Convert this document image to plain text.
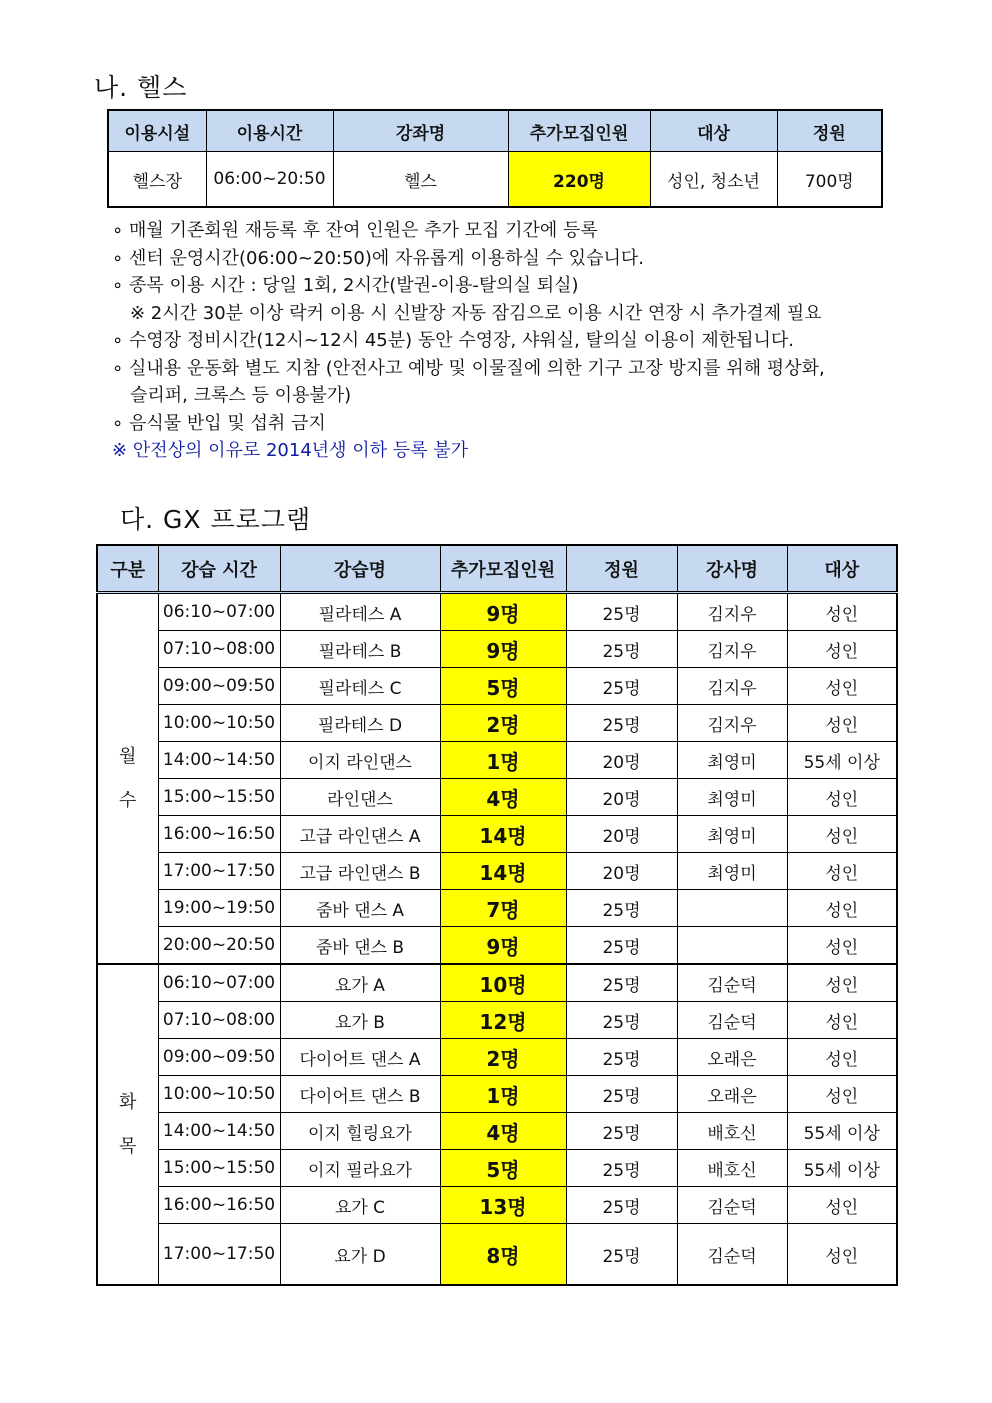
나. 헬스
이용시설	이용시간	강좌명	추가모집인원	대상	정원
헬스장	06:00~20:50	헬스	220명	성인, 청소년	700명
∘ 매월 기존회원 재등록 후 잔여 인원은 추가 모집 기간에 등록
∘ 센터 운영시간(06:00~20:50)에 자유롭게 이용하실 수 있습니다.
∘ 종목 이용 시간 : 당일 1회, 2시간(발권-이용-탈의실 퇴실)
※ 2시간 30분 이상 락커 이용 시 신발장 자동 잠김으로 이용 시간 연장 시 추가결제 필요
∘ 수영장 정비시간(12시~12시 45분) 동안 수영장, 샤워실, 탈의실 이용이 제한됩니다.
∘ 실내용 운동화 별도 지참 (안전사고 예방 및 이물질에 의한 기구 고장 방지를 위해 평상화,
슬리퍼, 크록스 등 이용불가)
∘ 음식물 반입 및 섭취 금지
※ 안전상의 이유로 2014년생 이하 등록 불가
다. GX 프로그램
구분	강습 시간	강습명	추가모집인원	정원	강사명	대상
월
수	06:10~07:00	필라테스 A	9명	25명	김지우	성인
	07:10~08:00	필라테스 B	9명	25명	김지우	성인
	09:00~09:50	필라테스 C	5명	25명	김지우	성인
	10:00~10:50	필라테스 D	2명	25명	김지우	성인
	14:00~14:50	이지 라인댄스	1명	20명	최영미	55세 이상
	15:00~15:50	라인댄스	4명	20명	최영미	성인
	16:00~16:50	고급 라인댄스 A	14명	20명	최영미	성인
	17:00~17:50	고급 라인댄스 B	14명	20명	최영미	성인
	19:00~19:50	줌바 댄스 A	7명	25명		성인
	20:00~20:50	줌바 댄스 B	9명	25명		성인
화
목	06:10~07:00	요가 A	10명	25명	김순덕	성인
	07:10~08:00	요가 B	12명	25명	김순덕	성인
	09:00~09:50	다이어트 댄스 A	2명	25명	오래은	성인
	10:00~10:50	다이어트 댄스 B	1명	25명	오래은	성인
	14:00~14:50	이지 힐링요가	4명	25명	배호신	55세 이상
	15:00~15:50	이지 필라요가	5명	25명	배호신	55세 이상
	16:00~16:50	요가 C	13명	25명	김순덕	성인
	17:00~17:50	요가 D	8명	25명	김순덕	성인
